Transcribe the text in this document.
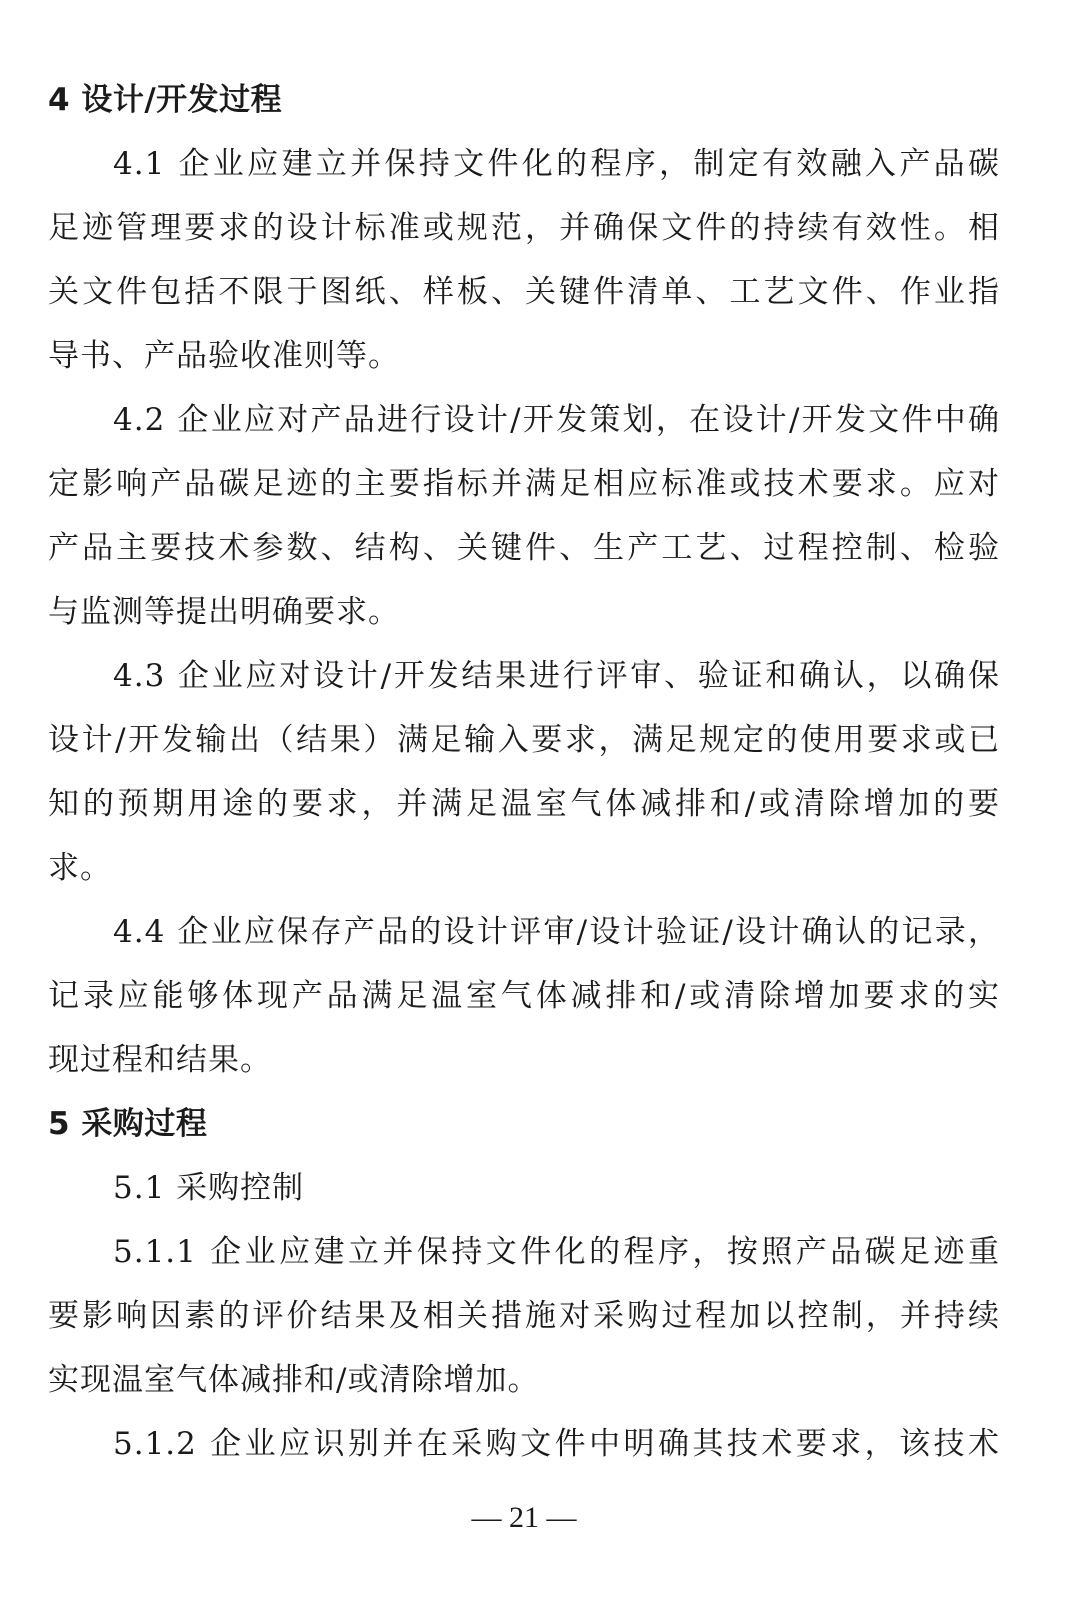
4 设计/开发过程
4.1 企业应建立并保持文件化的程序，制定有效融入产品碳
足迹管理要求的设计标准或规范，并确保文件的持续有效性。相
关文件包括不限于图纸、样板、关键件清单、工艺文件、作业指
导书、产品验收准则等。
4.2 企业应对产品进行设计/开发策划，在设计/开发文件中确
定影响产品碳足迹的主要指标并满足相应标准或技术要求。应对
产品主要技术参数、结构、关键件、生产工艺、过程控制、检验
与监测等提出明确要求。
4.3 企业应对设计/开发结果进行评审、验证和确认，以确保
设计/开发输出（结果）满足输入要求，满足规定的使用要求或已
知的预期用途的要求，并满足温室气体减排和/或清除增加的要
求。
4.4 企业应保存产品的设计评审/设计验证/设计确认的记录，
记录应能够体现产品满足温室气体减排和/或清除增加要求的实
现过程和结果。
5 采购过程
5.1 采购控制
5.1.1 企业应建立并保持文件化的程序，按照产品碳足迹重
要影响因素的评价结果及相关措施对采购过程加以控制，并持续
实现温室气体减排和/或清除增加。
5.1.2 企业应识别并在采购文件中明确其技术要求，该技术
— 21 —
